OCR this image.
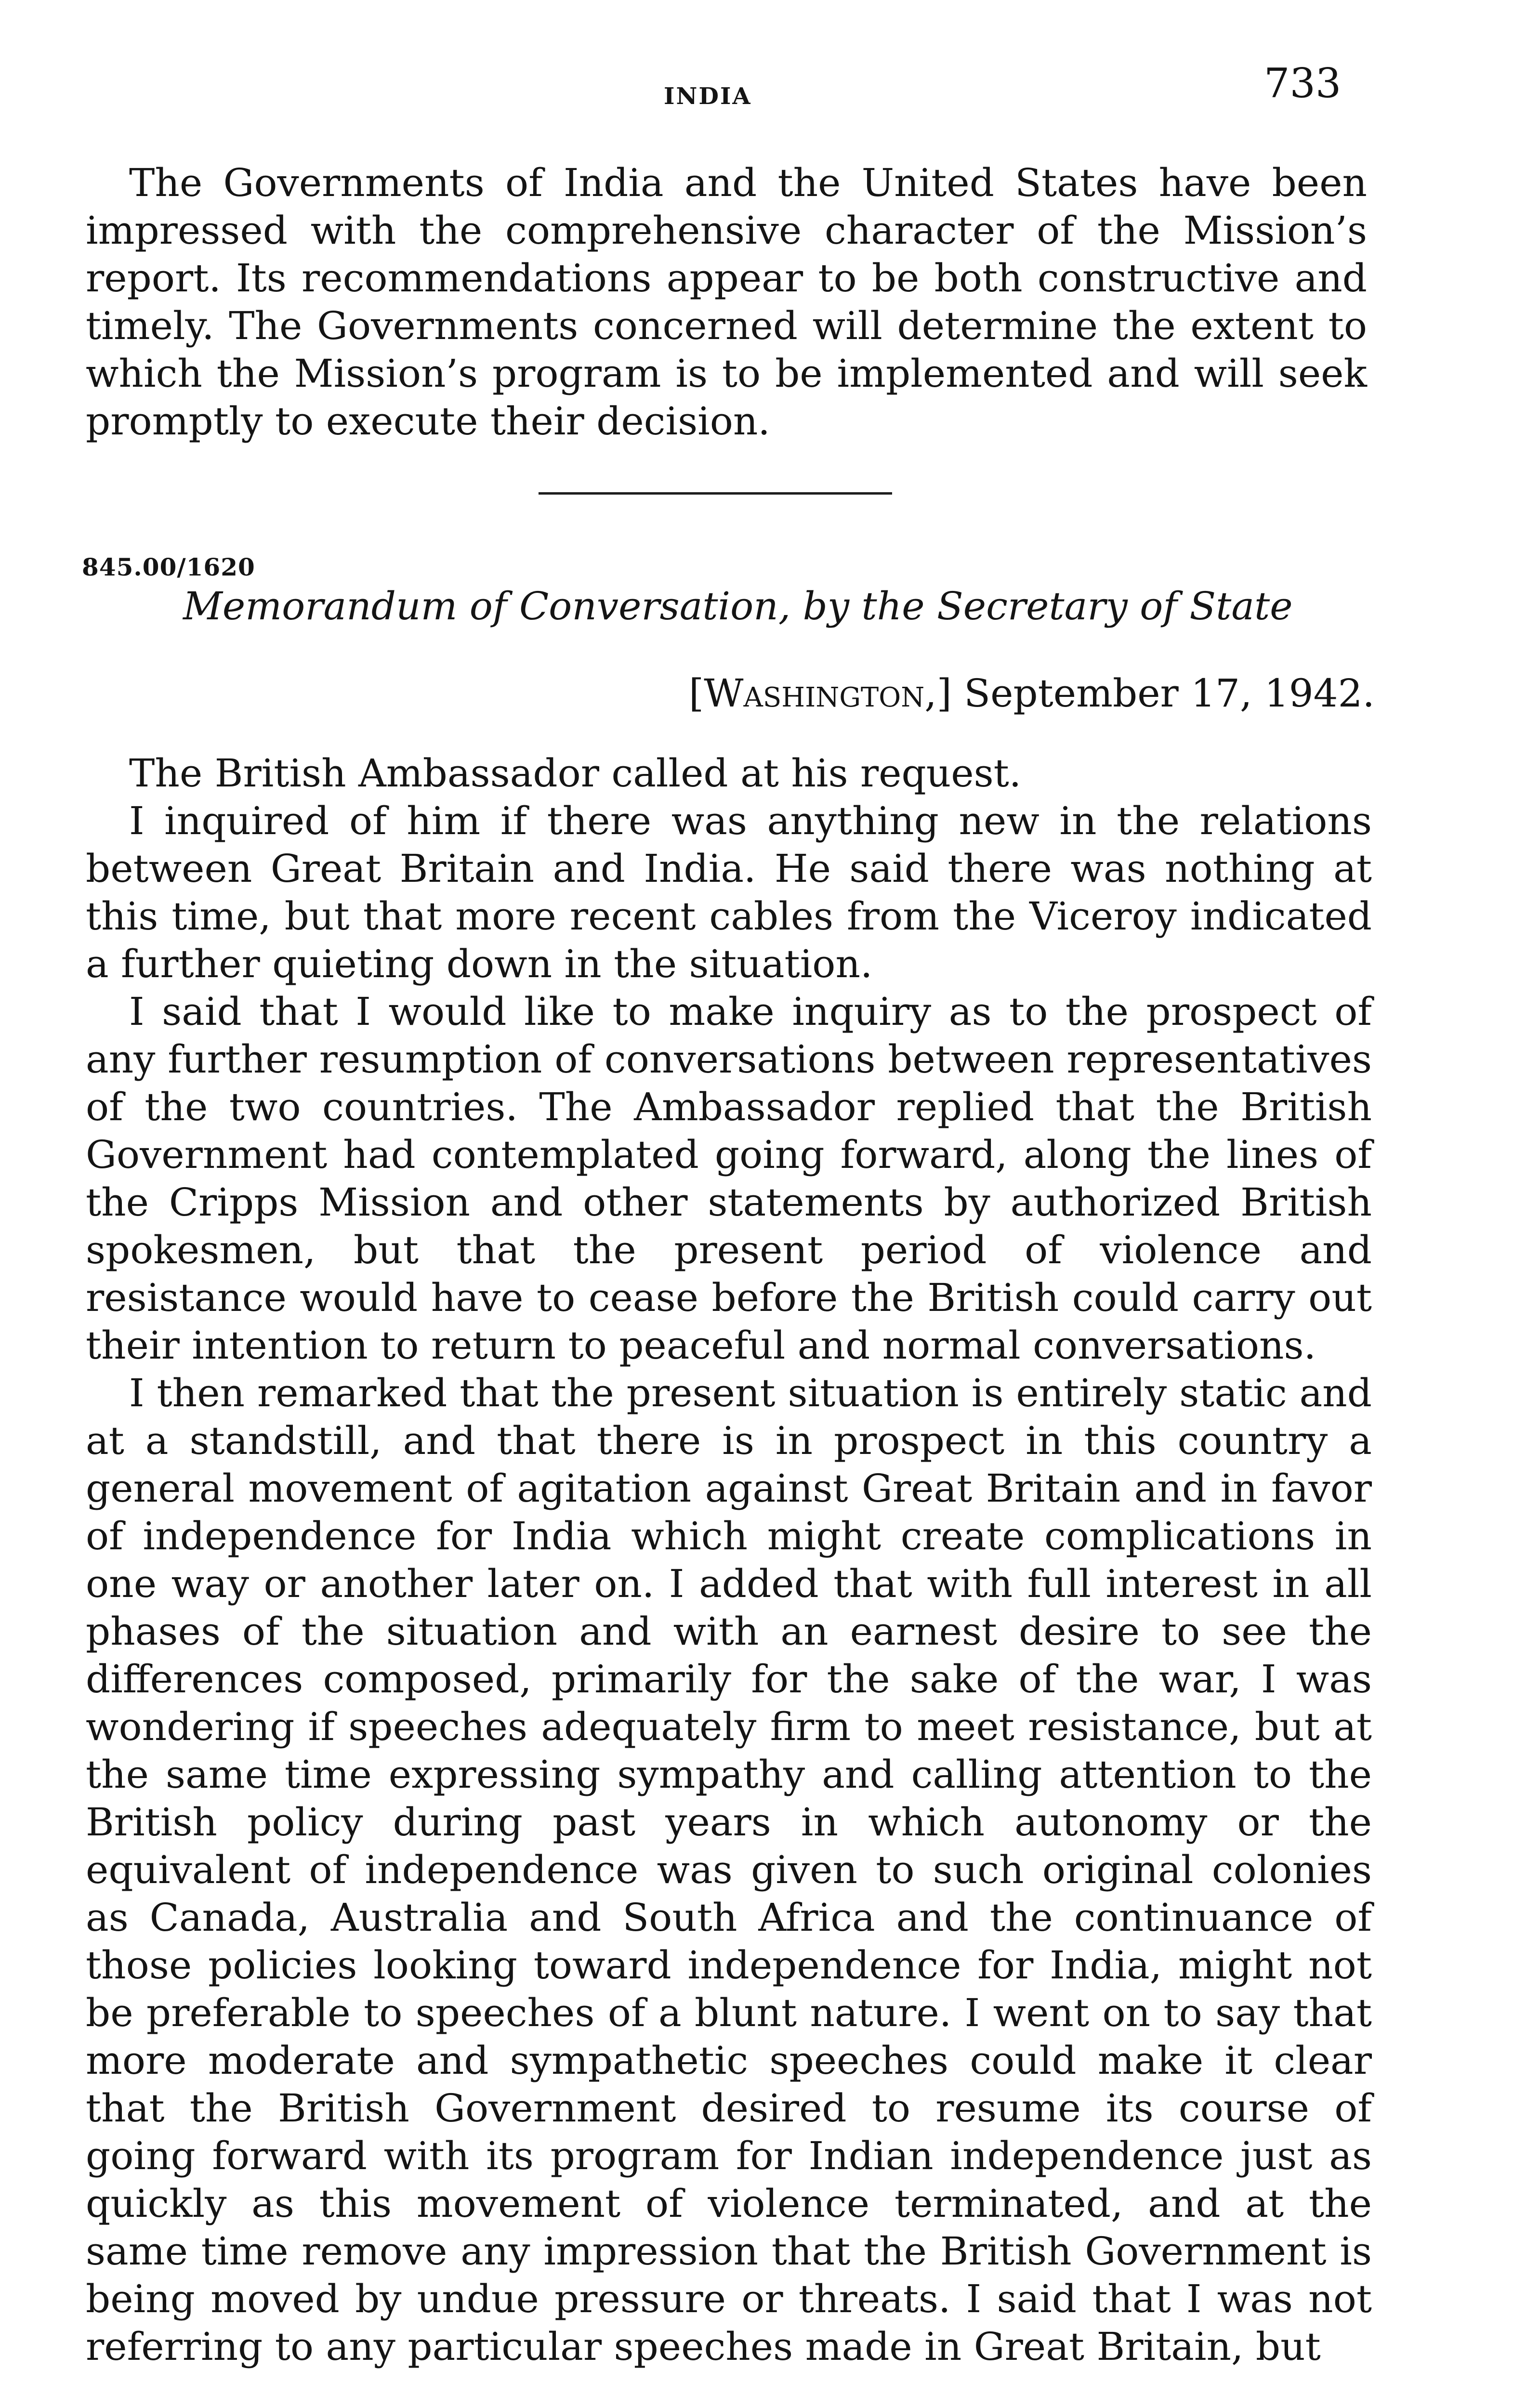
INDIA	733

The Governments of India and the United States have been impressed with the comprehensive character of the Mission’s report. Its recommendations appear to be both constructive and timely. The Governments concerned will determine the extent to which the Mission’s program is to be implemented and will seek promptly to execute their decision.

845.00/1620
Memorandum of Conversation, by the Secretary of State
[Washington,] September 17, 1942.

The British Ambassador called at his request.

I inquired of him if there was anything new in the relations between Great Britain and India. He said there was nothing at this time, but that more recent cables from the Viceroy indicated a further quieting down in the situation.

I said that I would like to make inquiry as to the prospect of any further resumption of conversations between representatives of the two countries. The Ambassador replied that the British Government had contemplated going forward, along the lines of the Cripps Mission and other statements by authorized British spokesmen, but that the present period of violence and resistance would have to cease before the British could carry out their intention to return to peaceful and normal conversations.

I then remarked that the present situation is entirely static and at a standstill, and that there is in prospect in this country a general movement of agitation against Great Britain and in favor of independence for India which might create complications in one way or another later on. I added that with full interest in all phases of the situation and with an earnest desire to see the differences composed, primarily for the sake of the war, I was wondering if speeches adequately firm to meet resistance, but at the same time expressing sympathy and calling attention to the British policy during past years in which autonomy or the equivalent of independence was given to such original colonies as Canada, Australia and South Africa and the continuance of those policies looking toward independence for India, might not be preferable to speeches of a blunt nature. I went on to say that more moderate and sympathetic speeches could make it clear that the British Government desired to resume its course of going forward with its program for Indian independence just as quickly as this movement of violence terminated, and at the same time remove any impression that the British Government is being moved by undue pressure or threats. I said that I was not referring to any particular speeches made in Great Britain, but
